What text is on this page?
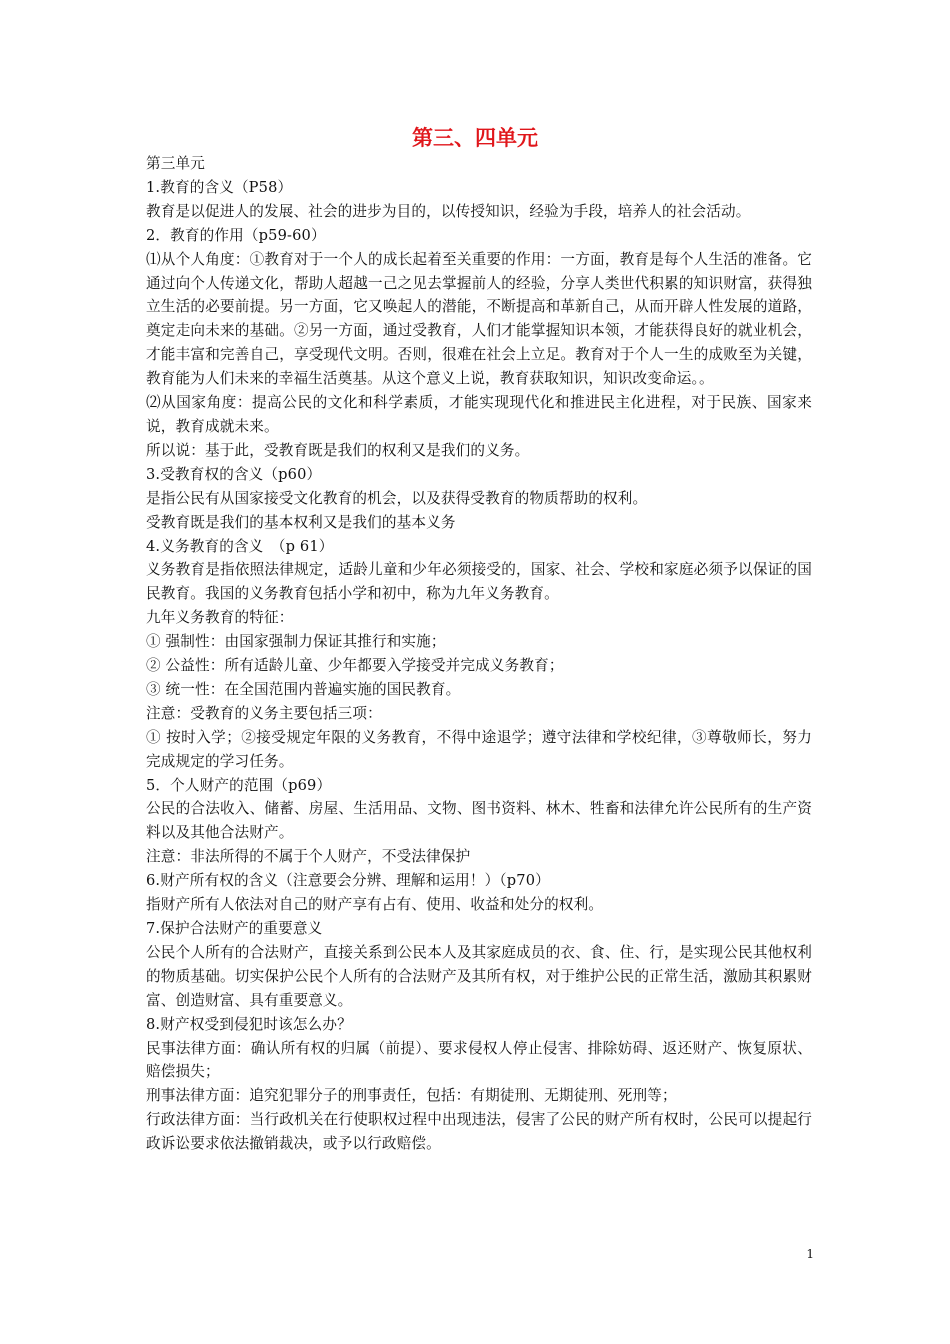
第三、四单元

第三单元

1.教育的含义（P58）

教育是以促进人的发展、社会的进步为目的，以传授知识，经验为手段，培养人的社会活动。

2．教育的作用（p59-60）

⑴从个人角度：①教育对于一个人的成长起着至关重要的作用：一方面，教育是每个人生活的准备。它通过向个人传递文化，帮助人超越一己之见去掌握前人的经验，分享人类世代积累的知识财富，获得独立生活的必要前提。另一方面，它又唤起人的潜能，不断提高和革新自己，从而开辟人性发展的道路，奠定走向未来的基础。②另一方面，通过受教育，人们才能掌握知识本领，才能获得良好的就业机会，才能丰富和完善自己，享受现代文明。否则，很难在社会上立足。教育对于个人一生的成败至为关键，教育能为人们未来的幸福生活奠基。从这个意义上说，教育获取知识，知识改变命运。。

⑵从国家角度：提高公民的文化和科学素质，才能实现现代化和推进民主化进程，对于民族、国家来说，教育成就未来。

所以说：基于此，受教育既是我们的权利又是我们的义务。

3.受教育权的含义（p60）

是指公民有从国家接受文化教育的机会，以及获得受教育的物质帮助的权利。

受教育既是我们的基本权利又是我们的基本义务

4.义务教育的含义　（p 61）

义务教育是指依照法律规定，适龄儿童和少年必须接受的，国家、社会、学校和家庭必须予以保证的国民教育。我国的义务教育包括小学和初中，称为九年义务教育。

九年义务教育的特征：

① 强制性：由国家强制力保证其推行和实施；

② 公益性：所有适龄儿童、少年都要入学接受并完成义务教育；

③ 统一性：在全国范围内普遍实施的国民教育。

注意：受教育的义务主要包括三项：

① 按时入学；②接受规定年限的义务教育，不得中途退学；遵守法律和学校纪律，③尊敬师长，努力完成规定的学习任务。

5．个人财产的范围（p69）

公民的合法收入、储蓄、房屋、生活用品、文物、图书资料、林木、牲畜和法律允许公民所有的生产资料以及其他合法财产。

注意：非法所得的不属于个人财产，不受法律保护

6.财产所有权的含义（注意要会分辨、理解和运用！）（p70）

指财产所有人依法对自己的财产享有占有、使用、收益和处分的权利。

7.保护合法财产的重要意义

公民个人所有的合法财产，直接关系到公民本人及其家庭成员的衣、食、住、行，是实现公民其他权利的物质基础。切实保护公民个人所有的合法财产及其所有权，对于维护公民的正常生活，激励其积累财富、创造财富、具有重要意义。

8.财产权受到侵犯时该怎么办？

民事法律方面：确认所有权的归属（前提）、要求侵权人停止侵害、排除妨碍、返还财产、恢复原状、赔偿损失；

刑事法律方面：追究犯罪分子的刑事责任，包括：有期徒刑、无期徒刑、死刑等；

行政法律方面：当行政机关在行使职权过程中出现违法，侵害了公民的财产所有权时，公民可以提起行政诉讼要求依法撤销裁决，或予以行政赔偿。

1
